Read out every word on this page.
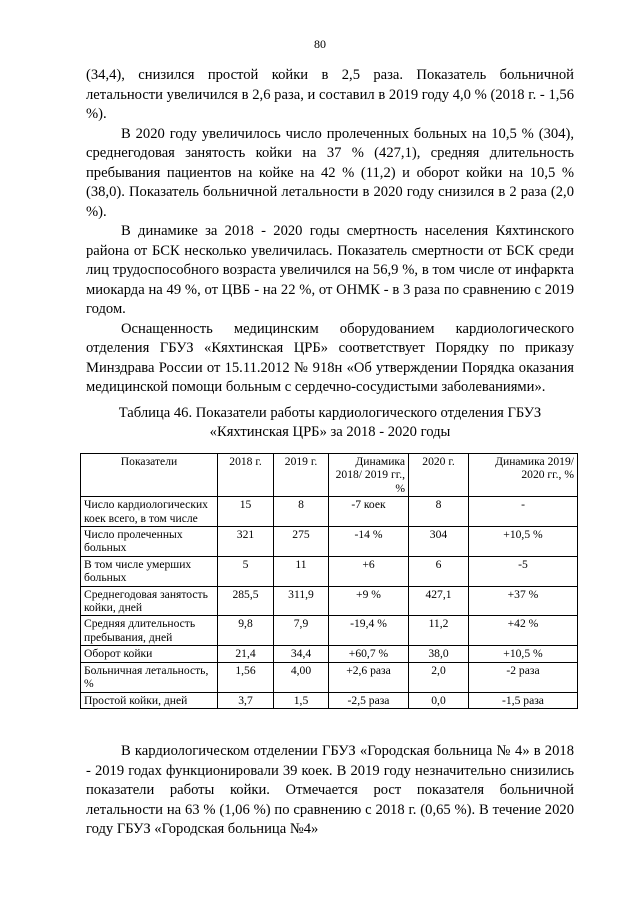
80

(34,4), снизился простой койки в 2,5 раза. Показатель больничной летальности увеличился в 2,6 раза, и составил в 2019 году 4,0 % (2018 г. - 1,56 %).

В 2020 году увеличилось число пролеченных больных на 10,5 % (304), среднегодовая занятость койки на 37 % (427,1), средняя длительность пребывания пациентов на койке на 42 % (11,2) и оборот койки на 10,5 % (38,0). Показатель больничной летальности в 2020 году снизился в 2 раза (2,0 %).

В динамике за 2018 - 2020 годы смертность населения Кяхтинского района от БСК несколько увеличилась. Показатель смертности от БСК среди лиц трудоспособного возраста увеличился на 56,9 %, в том числе от инфаркта миокарда на 49 %, от ЦВБ - на 22 %, от ОНМК - в 3 раза по сравнению с 2019 годом.

Оснащенность медицинским оборудованием кардиологического отделения ГБУЗ «Кяхтинская ЦРБ» соответствует Порядку по приказу Минздрава России от 15.11.2012 № 918н «Об утверждении Порядка оказания медицинской помощи больным с сердечно-сосудистыми заболеваниями».

Таблица 46. Показатели работы кардиологического отделения ГБУЗ
«Кяхтинская ЦРБ» за 2018 - 2020 годы
Показатели	2018 г.	2019 г.	Динамика 2018/ 2019 гг., %	2020 г.	Динамика 2019/ 2020 гг., %
Число кардиологических коек всего, в том числе	15	8	-7 коек	8	-
Число пролеченных больных	321	275	-14 %	304	+10,5 %
В том числе умерших больных	5	11	+6	6	-5
Среднегодовая занятость койки, дней	285,5	311,9	+9 %	427,1	+37 %
Средняя длительность пребывания, дней	9,8	7,9	-19,4 %	11,2	+42 %
Оборот койки	21,4	34,4	+60,7 %	38,0	+10,5 %
Больничная летальность, %	1,56	4,00	+2,6 раза	2,0	-2 раза
Простой койки, дней	3,7	1,5	-2,5 раза	0,0	-1,5 раза

В кардиологическом отделении ГБУЗ «Городская больница № 4» в 2018 - 2019 годах функционировали 39 коек. В 2019 году незначительно снизились показатели работы койки. Отмечается рост показателя больничной летальности на 63 % (1,06 %) по сравнению с 2018 г. (0,65 %). В течение 2020 году ГБУЗ «Городская больница №4»
